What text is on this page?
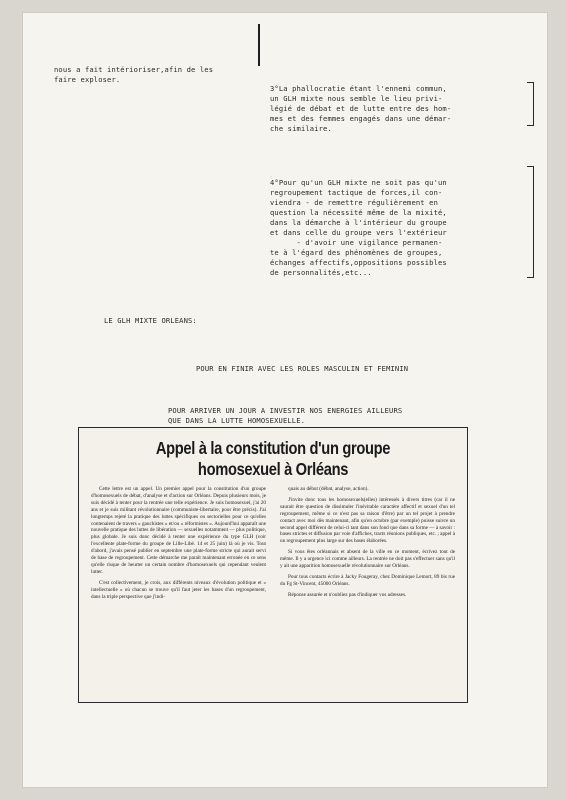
nous a fait intérioriser,afin de les
faire exploser.

3°La phallocratie étant l'ennemi commun,
un GLH mixte nous semble le lieu privi-
légié de débat et de lutte entre des hom-
mes et des femmes engagés dans une démar-
che similaire.

4°Pour qu'un GLH mixte ne soit pas qu'un
regroupement tactique de forces,il con-
viendra - de remettre régulièrement en
question la nécessité même de la mixité,
dans la démarche à l'intérieur du groupe
et dans celle du groupe vers l'extérieur
- d'avoir une vigilance permanen-
te à l'égard des phénomènes de groupes,
échanges affectifs,oppositions possibles
de personnalités,etc...

LE GLH MIXTE ORLEANS:

POUR EN FINIR AVEC LES ROLES MASCULIN ET FEMININ

POUR ARRIVER UN JOUR A INVESTIR NOS ENERGIES AILLEURS
QUE DANS LA LUTTE HOMOSEXUELLE.

Appel à la constitution d'un groupe
homosexuel à Orléans

Cette lettre est un appel. Un premier appel pour la constitution d'un groupe d'homosexuels de débat, d'analyse et d'action sur Orléans. Depuis plusieurs mois, je suis décidé à tenter pour la rentrée une telle expérience. Je suis homosexuel, j'ai 20 ans et je suis militant révolutionnaire (communiste-libertaire, pour être précis). J'ai longtemps rejeté la pratique des luttes spécifiques ou sectorielles pour ce qu'elles contenaient de travers « gauchistes » et/ou « réformistes ». Aujourd'hui apparaît une nouvelle pratique des luttes de libération — sexuelles notamment — plus politique, plus globale. Je suis donc décidé à tenter une expérience du type GLH (voir l'excellente plate-forme du groupe de Lille-Libé. 14 et 25 juin) là où je vis. Tout d'abord, j'avais pensé publier en septembre une plate-forme stricte qui aurait servi de base de regroupement. Cette démarche me paraît maintenant erronée en ce sens qu'elle risque de heurter un certain nombre d'homosexuels qui cependant veulent lutter.

C'est collectivement, je crois, aux différents niveaux d'évolution politique et « intellectuelle » où chacun se trouve qu'il faut jeter les bases d'un regroupement, dans la triple perspective que j'indi-

quais au début (débat, analyse, action).

J'invite donc tous les homosexuels(elles) intéressés à divers titres (car il ne saurait être question de dissimuler l'inévitable caractère affectif et sexuel d'un tel regroupement, même si ce n'est pas sa raison d'être) par un tel projet à prendre contact avec moi dès maintenant, afin qu'en octobre (par exemple) puisse suivre un second appel différent de celui-ci tant dans son fond que dans sa forme — à savoir : bases strictes et diffusion par voie d'affiches, tracts réunions publiques, etc. ; appel à un regroupement plus large sur des bases élaborées.

Si vous êtes orléannais et absent de la ville en ce moment, écrivez tout de même. Il y a urgence ici comme ailleurs. La rentrée ne doit pas s'effectuer sans qu'il y ait une apparition homosexuelle révolutionnaire sur Orléans.

Pour tous contacts écrire à Jacky Fougeray, chez Dominique Lemort, 89 bis rue du Fg St-Vincent, 45000 Orléans.

Réponse assurée et n'oubliez pas d'indiquer vos adresses.
